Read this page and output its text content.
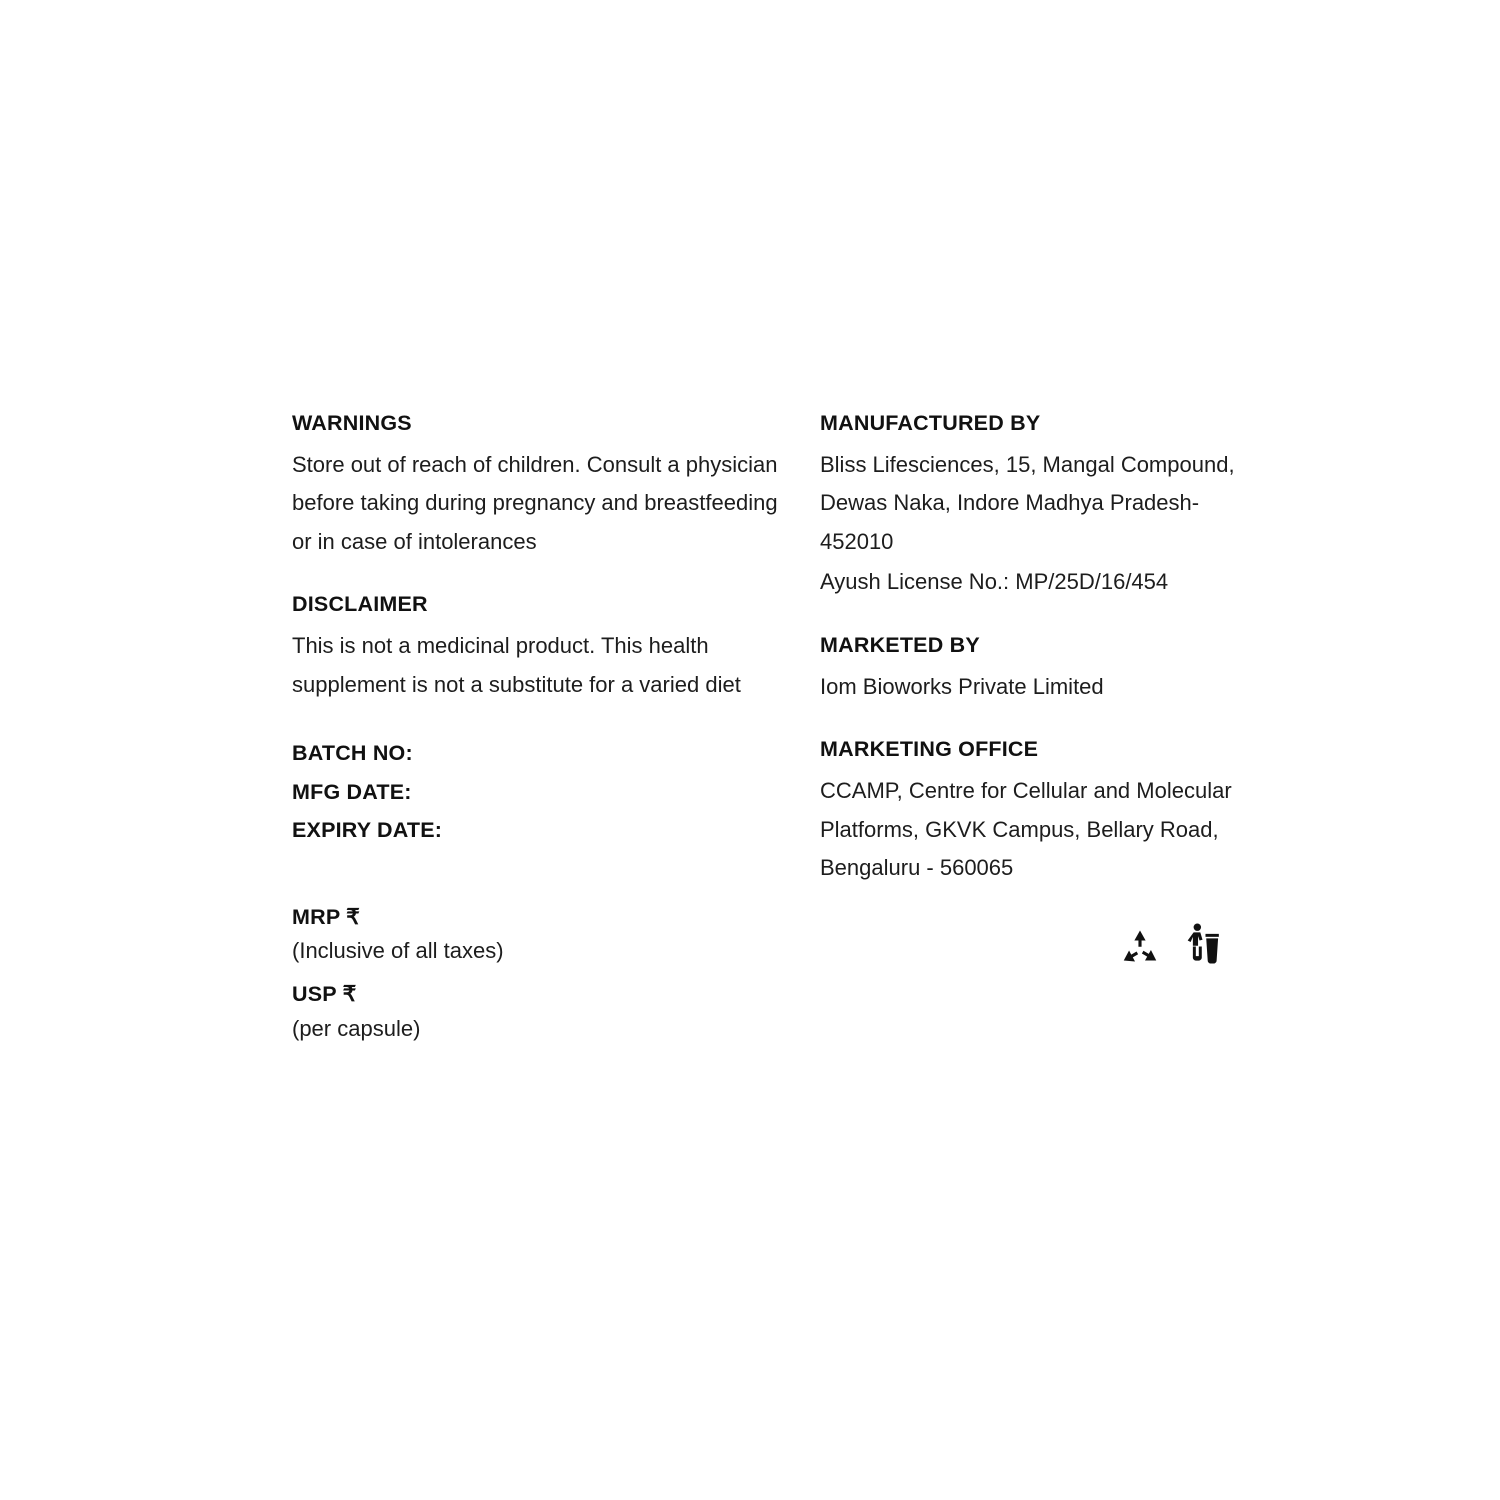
WARNINGS

Store out of reach of children. Consult a physician before taking during pregnancy and breastfeeding or in case of intolerances

DISCLAIMER

This is not a medicinal product. This health supplement is not a substitute for a varied diet

BATCH NO:
MFG DATE:
EXPIRY DATE:
MRP ₹

(Inclusive of all taxes)

USP ₹

(per capsule)

MANUFACTURED BY

Bliss Lifesciences, 15, Mangal Compound, Dewas Naka, Indore Madhya Pradesh- 452010

Ayush License No.: MP/25D/16/454

MARKETED BY

Iom Bioworks Private Limited

MARKETING OFFICE

CCAMP, Centre for Cellular and Molecular Platforms, GKVK Campus, Bellary Road, Bengaluru - 560065
